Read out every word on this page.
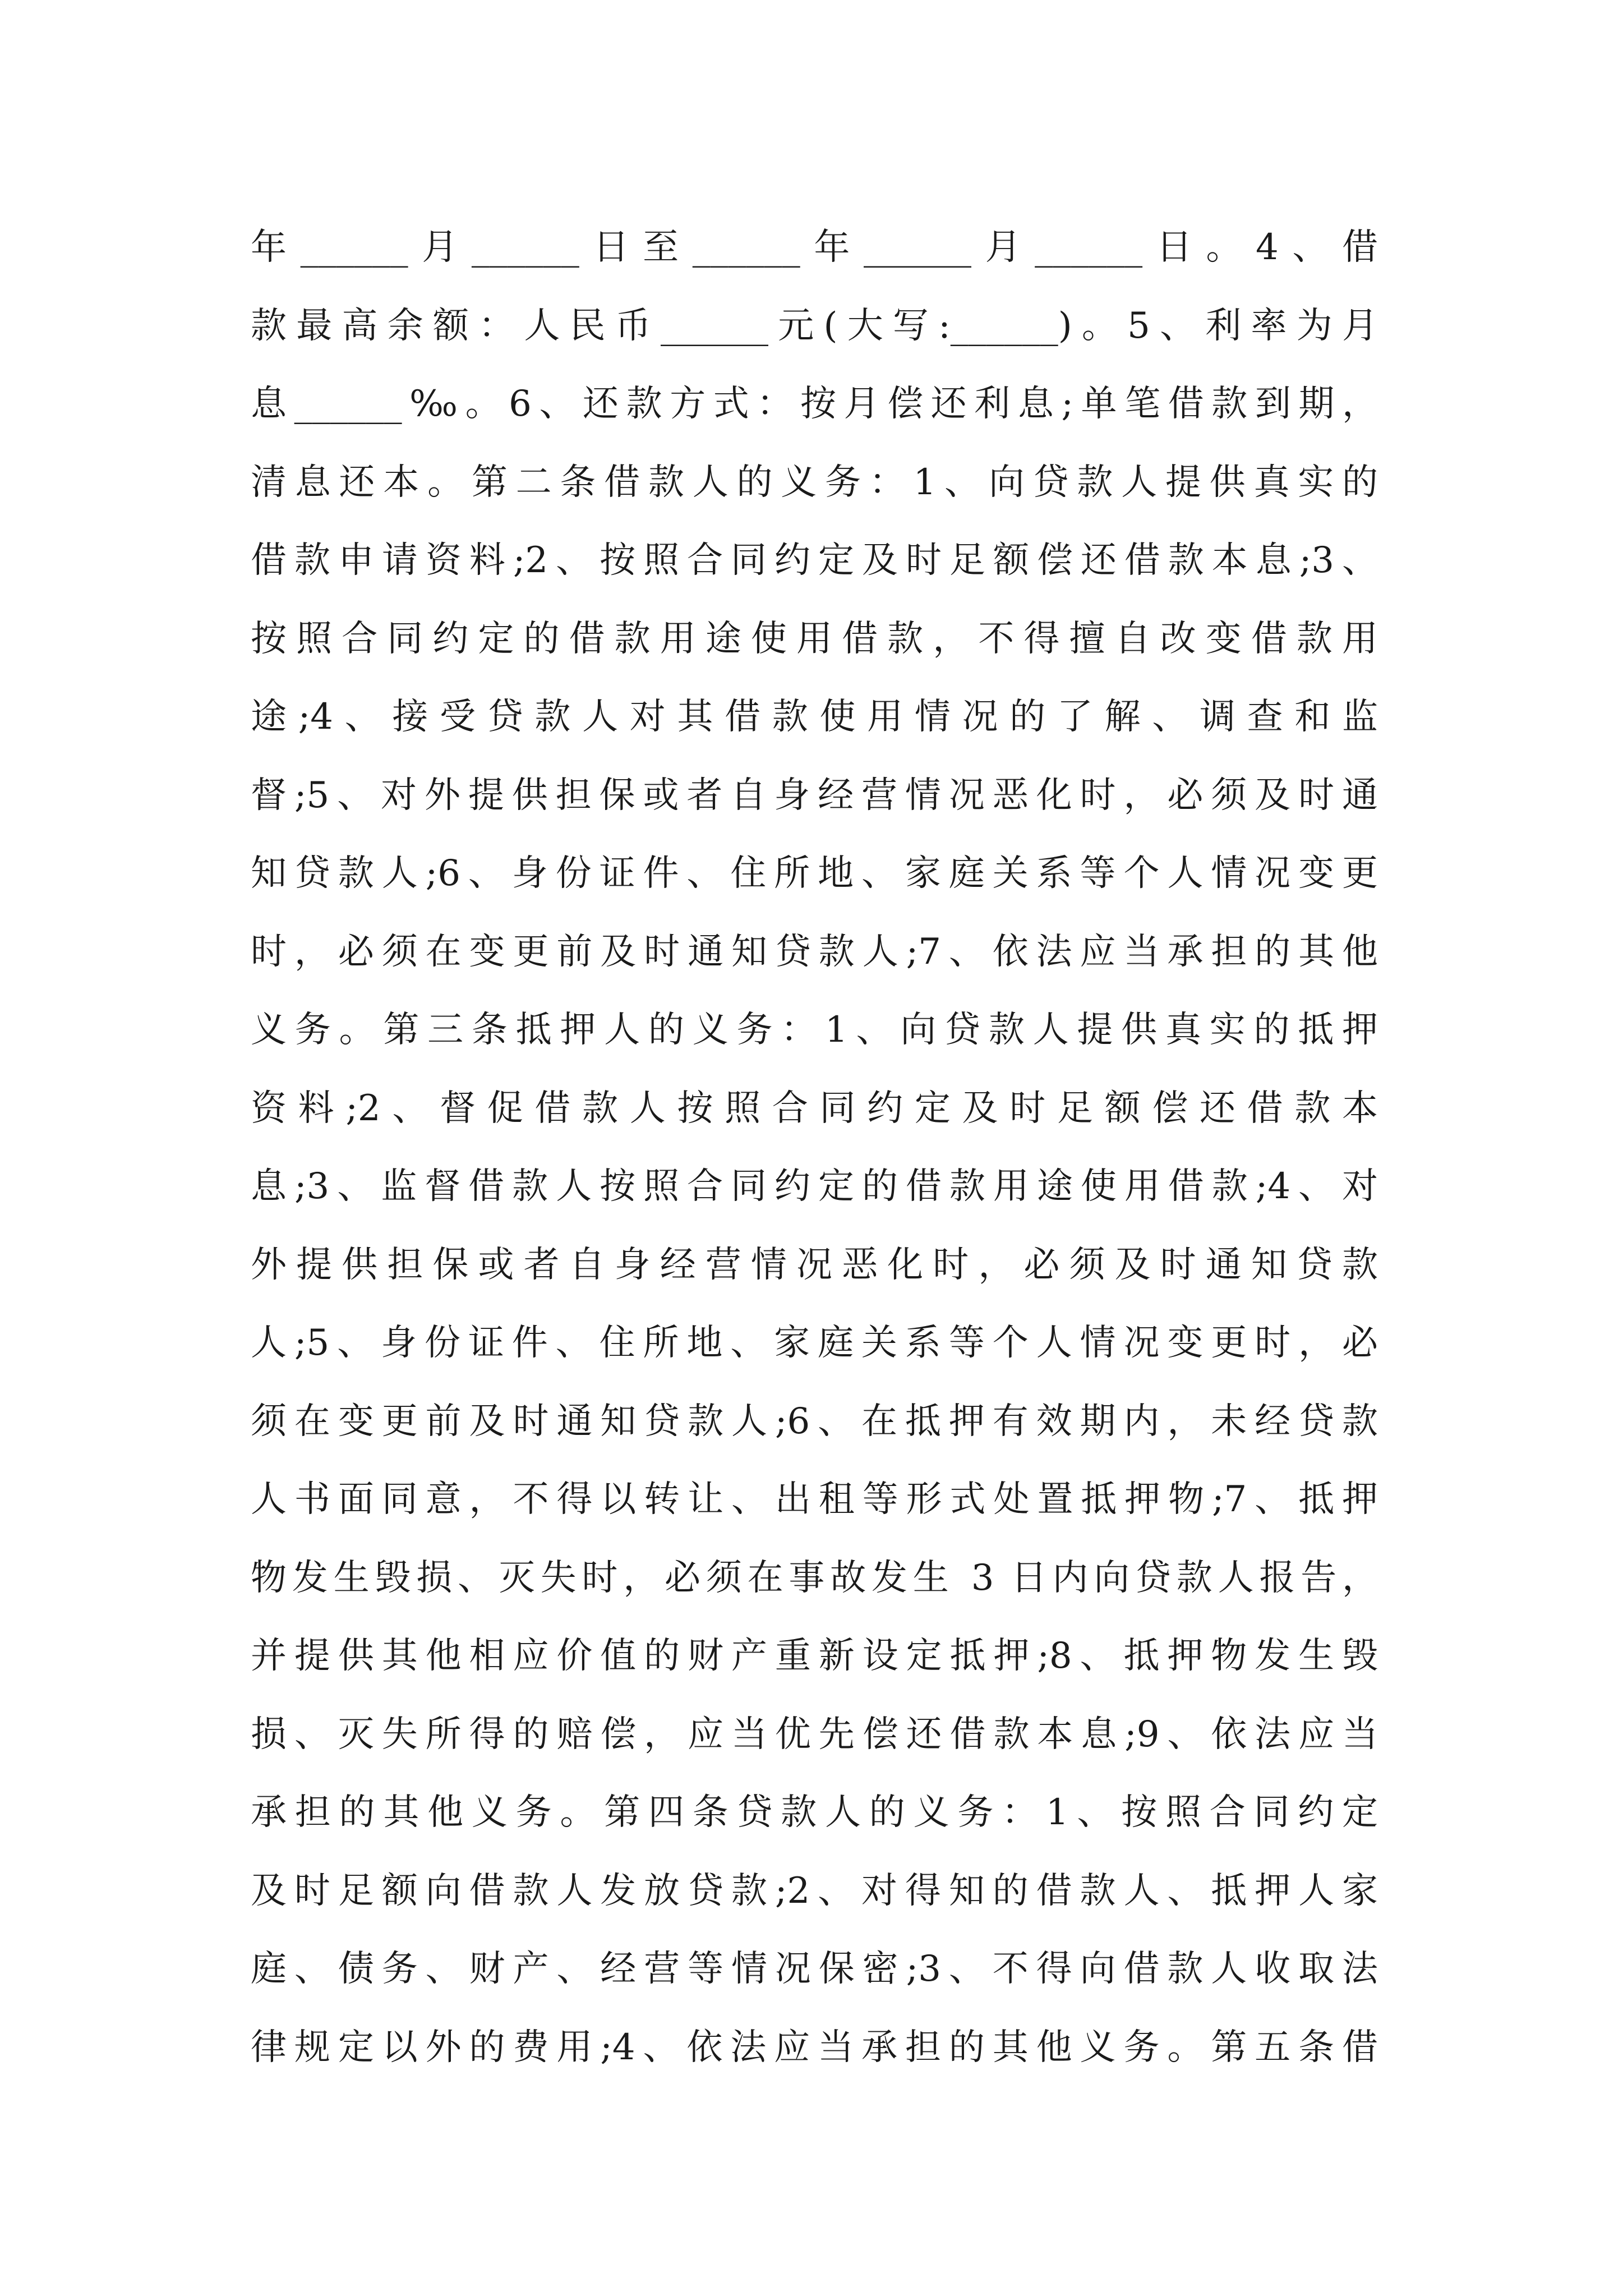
年______月______日至______年______月______日。4、借
款最高余额：人民币______元(大写:______)。5、利率为月
息______‰。6、还款方式：按月偿还利息;单笔借款到期，
清息还本。第二条借款人的义务：1、向贷款人提供真实的
借款申请资料;2、按照合同约定及时足额偿还借款本息;3、
按照合同约定的借款用途使用借款，不得擅自改变借款用
途;4、接受贷款人对其借款使用情况的了解、调查和监
督;5、对外提供担保或者自身经营情况恶化时，必须及时通
知贷款人;6、身份证件、住所地、家庭关系等个人情况变更
时，必须在变更前及时通知贷款人;7、依法应当承担的其他
义务。第三条抵押人的义务：1、向贷款人提供真实的抵押
资料;2、督促借款人按照合同约定及时足额偿还借款本
息;3、监督借款人按照合同约定的借款用途使用借款;4、对
外提供担保或者自身经营情况恶化时，必须及时通知贷款
人;5、身份证件、住所地、家庭关系等个人情况变更时，必
须在变更前及时通知贷款人;6、在抵押有效期内，未经贷款
人书面同意，不得以转让、出租等形式处置抵押物;7、抵押
物发生毁损、灭失时，必须在事故发生 3 日内向贷款人报告，
并提供其他相应价值的财产重新设定抵押;8、抵押物发生毁
损、灭失所得的赔偿，应当优先偿还借款本息;9、依法应当
承担的其他义务。第四条贷款人的义务：1、按照合同约定
及时足额向借款人发放贷款;2、对得知的借款人、抵押人家
庭、债务、财产、经营等情况保密;3、不得向借款人收取法
律规定以外的费用;4、依法应当承担的其他义务。第五条借
